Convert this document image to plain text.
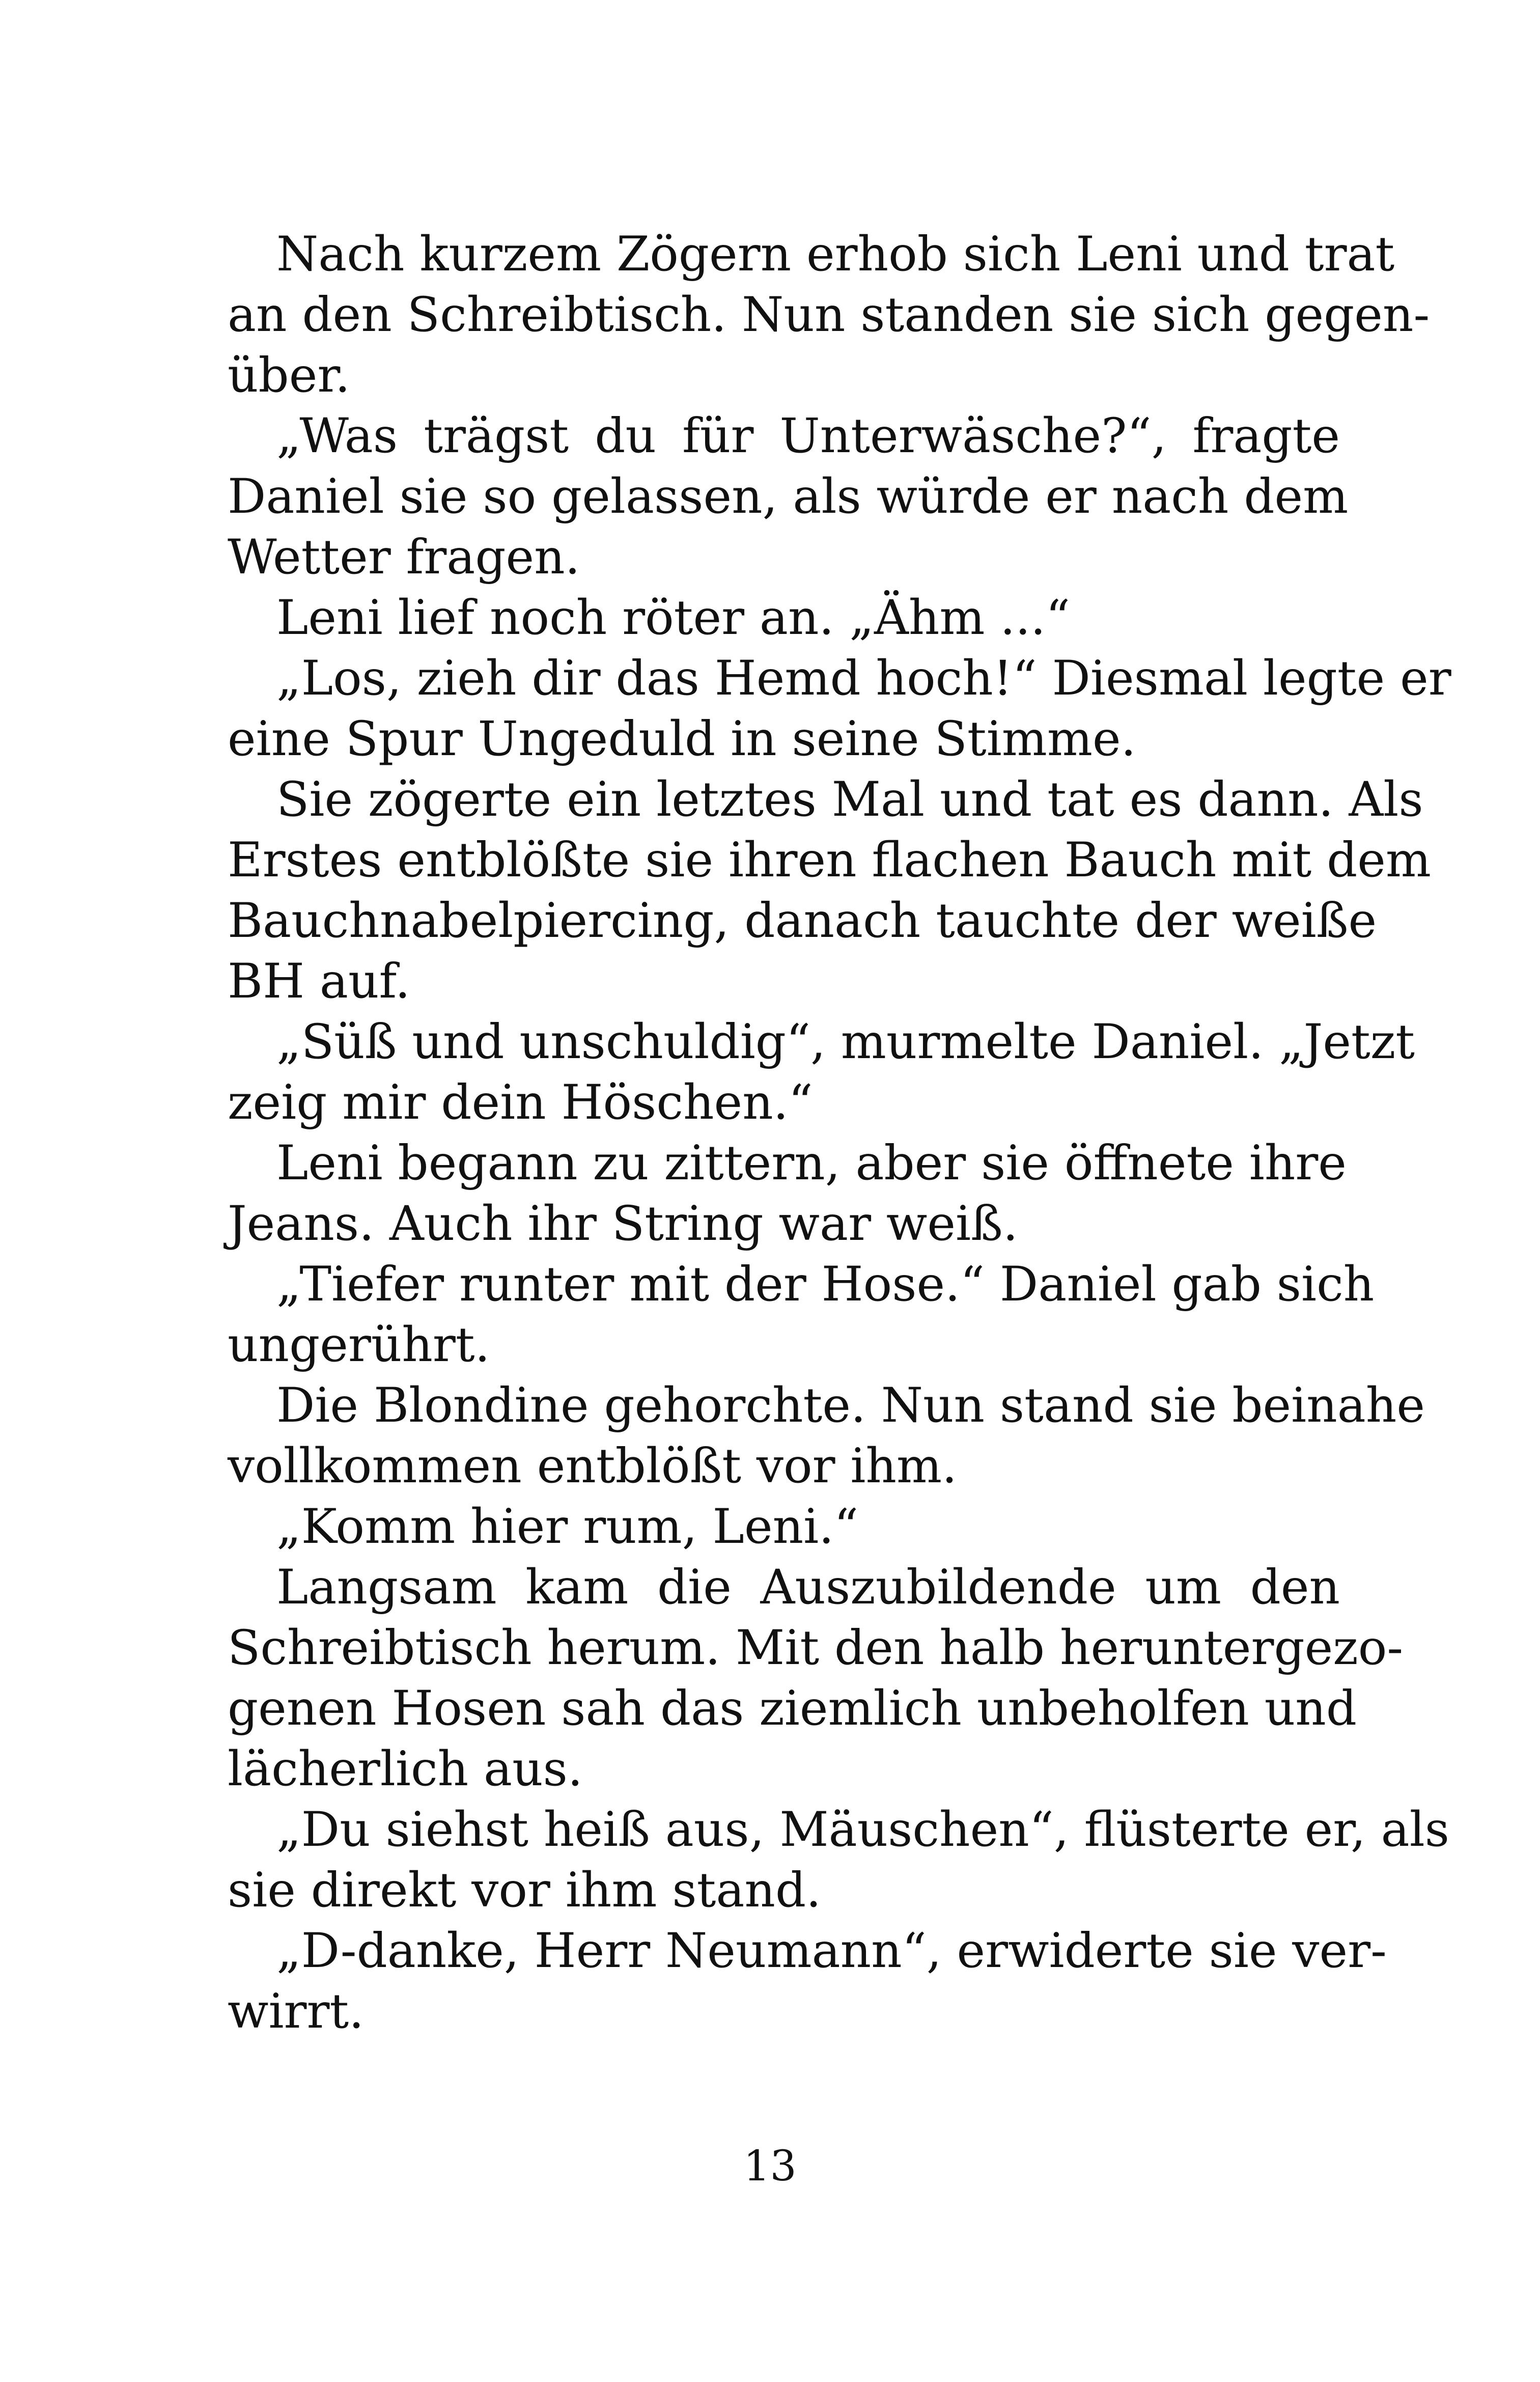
Nach kurzem Zögern erhob sich Leni und trat
an den Schreibtisch. Nun standen sie sich gegen-
über.
„Was trägst du für Unterwäsche?“, fragte
Daniel sie so gelassen, als würde er nach dem
Wetter fragen.
Leni lief noch röter an. „Ähm ...“
„Los, zieh dir das Hemd hoch!“ Diesmal legte er
eine Spur Ungeduld in seine Stimme.
Sie zögerte ein letztes Mal und tat es dann. Als
Erstes entblößte sie ihren flachen Bauch mit dem
Bauchnabelpiercing, danach tauchte der weiße
BH auf.
„Süß und unschuldig“, murmelte Daniel. „Jetzt
zeig mir dein Höschen.“
Leni begann zu zittern, aber sie öffnete ihre
Jeans. Auch ihr String war weiß.
„Tiefer runter mit der Hose.“ Daniel gab sich
ungerührt.
Die Blondine gehorchte. Nun stand sie beinahe
vollkommen entblößt vor ihm.
„Komm hier rum, Leni.“
Langsam kam die Auszubildende um den
Schreibtisch herum. Mit den halb heruntergezo-
genen Hosen sah das ziemlich unbeholfen und
lächerlich aus.
„Du siehst heiß aus, Mäuschen“, flüsterte er, als
sie direkt vor ihm stand.
„D-danke, Herr Neumann“, erwiderte sie ver-
wirrt.
13
